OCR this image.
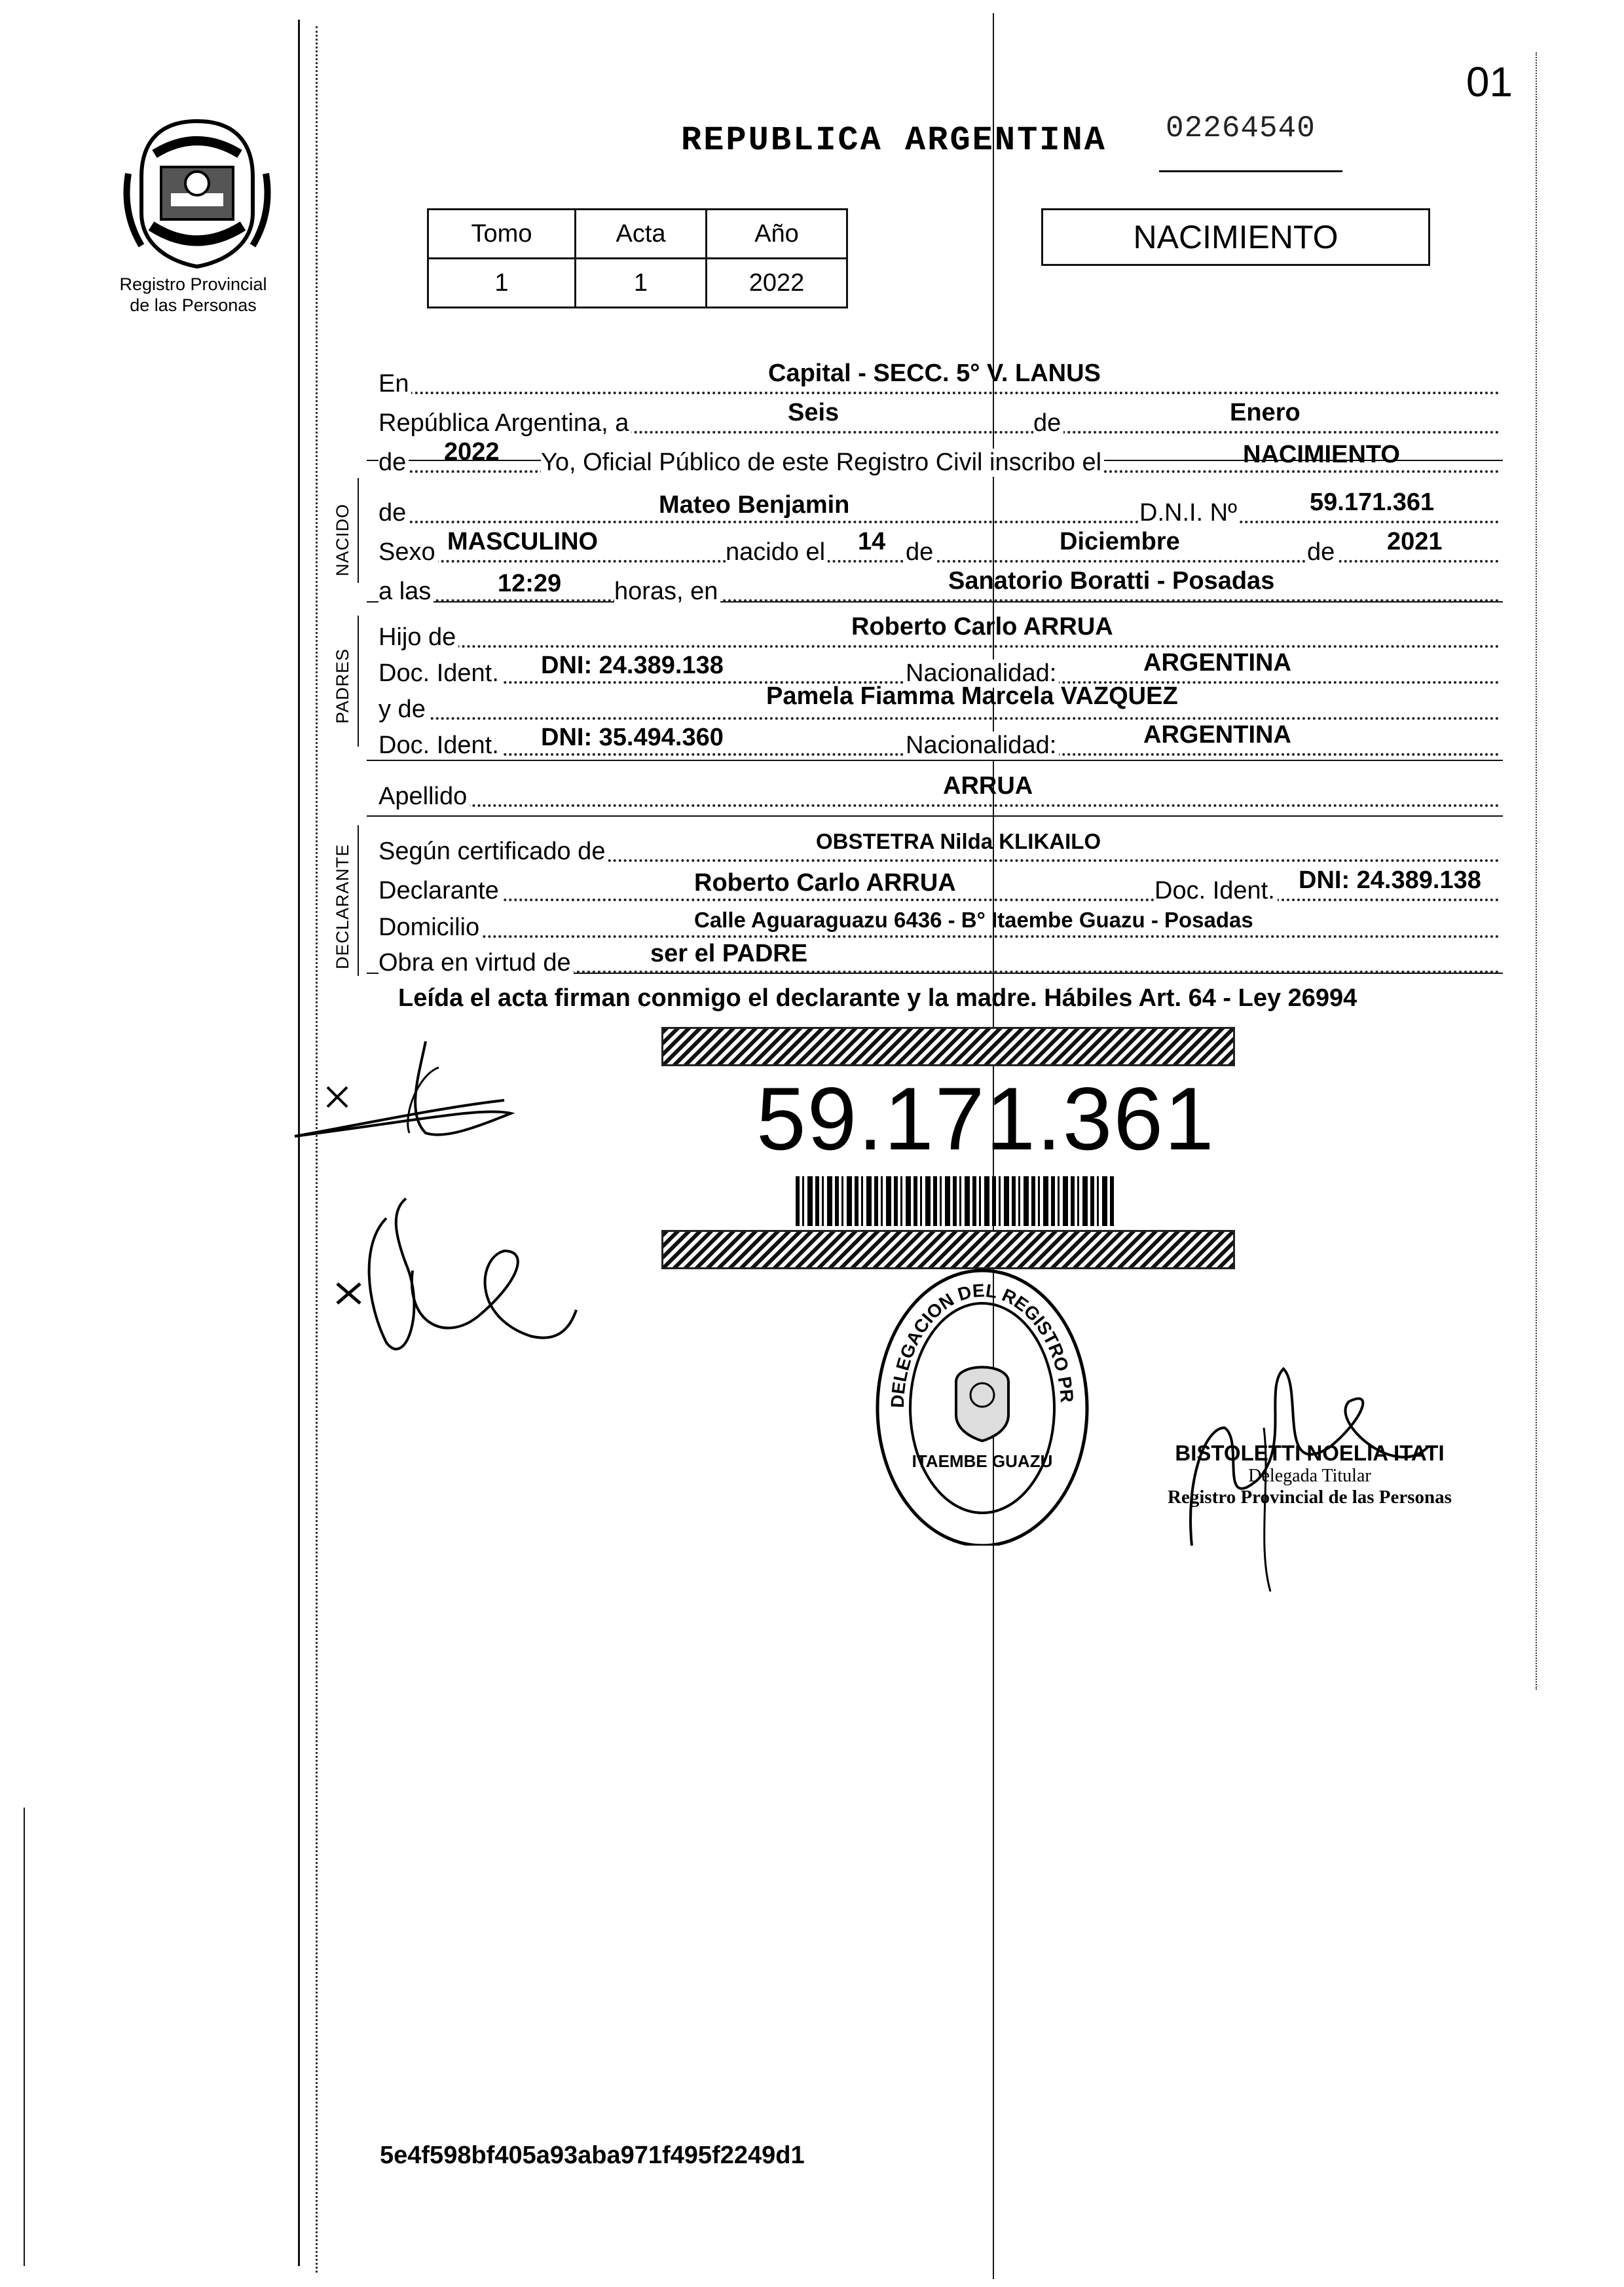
01
Registro Provincial
de las Personas
REPUBLICA ARGENTINA 02264540
Tomo	Acta	Año
1	1	2022
NACIMIENTO
NACIDO
PADRES
DECLARANTE
En	Capital - SECC. 5° V. LANUS
República Argentina, a	Seis	de	Enero
de 2022 Yo, Oficial Público de este Registro Civil inscribo el	NACIMIENTO
de	Mateo Benjamin	D.N.I. Nº	59.171.361
Sexo MASCULINO	nacido el 14 de	Diciembre	de 2021
a las	12:29 horas, en	Sanatorio Boratti - Posadas
Hijo de	Roberto Carlo ARRUA
Doc. Ident. DNI: 24.389.138	Nacionalidad:	ARGENTINA
y de	Pamela Fiamma Marcela VAZQUEZ
Doc. Ident. DNI: 35.494.360	Nacionalidad:	ARGENTINA
Apellido	ARRUA
Según certificado de	OBSTETRA Nilda KLIKAILO
Declarante	Roberto Carlo ARRUA	Doc. Ident. DNI: 24.389.138
Domicilio	Calle Aguaraguazu 6436 - B° Itaembe Guazu - Posadas
Obra en virtud de	ser el PADRE
Leída el acta firman conmigo el declarante y la madre. Hábiles Art. 64 - Ley 26994
59.171.361
DELEGACION DEL REGISTRO PR
ITAEMBE GUAZÚ	BISTOLETTI NOELIA ITATI
Delegada Titular
Registro Provincial de las Personas
5e4f598bf405a93aba971f495f2249d1
